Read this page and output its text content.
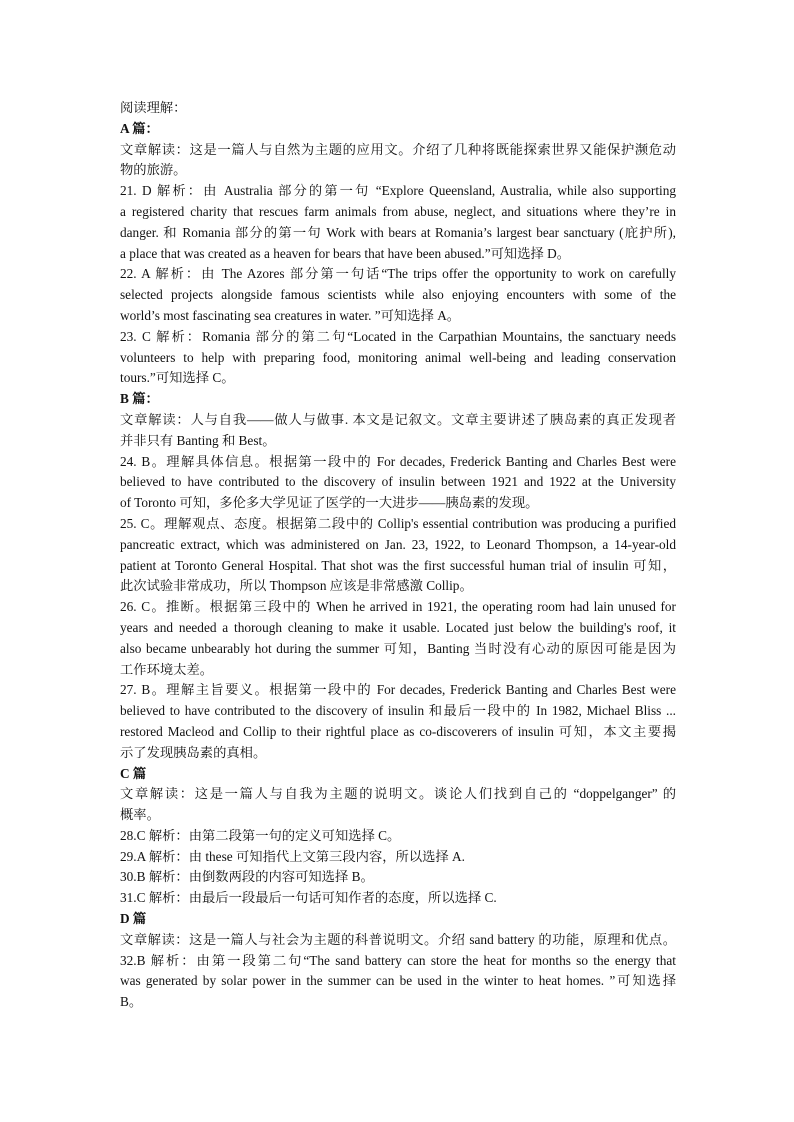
阅读理解：
A 篇：
文章解读：这是一篇人与自然为主题的应用文。介绍了几种将既能探索世界又能保护濒危动
物的旅游。
21. D 解析：由 Australia 部分的第一句 “Explore Queensland, Australia, while also supporting
a registered charity that rescues farm animals from abuse, neglect, and situations where they’re in
danger. 和 Romania 部分的第一句 Work with bears at Romania’s largest bear sanctuary (庇护所),
a place that was created as a heaven for bears that have been abused.”可知选择 D。
22. A 解析：由 The Azores 部分第一句话“The trips offer the opportunity to work on carefully
selected projects alongside famous scientists while also enjoying encounters with some of the
world’s most fascinating sea creatures in water. ”可知选择 A。
23. C 解析：Romania 部分的第二句“Located in the Carpathian Mountains, the sanctuary needs
volunteers to help with preparing food, monitoring animal well-being and leading conservation
tours.”可知选择 C。
B 篇：
文章解读：人与自我——做人与做事. 本文是记叙文。文章主要讲述了胰岛素的真正发现者
并非只有 Banting 和 Best。
24. B。理解具体信息。根据第一段中的 For decades, Frederick Banting and Charles Best were
believed to have contributed to the discovery of insulin between 1921 and 1922 at the University
of Toronto 可知，多伦多大学见证了医学的一大进步——胰岛素的发现。
25. C。理解观点、态度。根据第二段中的 Collip's essential contribution was producing a purified
pancreatic extract, which was administered on Jan. 23, 1922, to Leonard Thompson, a 14-year-old
patient at Toronto General Hospital. That shot was the first successful human trial of insulin 可知，
此次试验非常成功，所以 Thompson 应该是非常感激 Collip。
26. C。推断。根据第三段中的 When he arrived in 1921, the operating room had lain unused for
years and needed a thorough cleaning to make it usable. Located just below the building's roof, it
also became unbearably hot during the summer 可知，Banting 当时没有心动的原因可能是因为
工作环境太差。
27. B。理解主旨要义。根据第一段中的 For decades, Frederick Banting and Charles Best were
believed to have contributed to the discovery of insulin 和最后一段中的 In 1982, Michael Bliss ...
restored Macleod and Collip to their rightful place as co-discoverers of insulin 可知，本文主要揭
示了发现胰岛素的真相。
C 篇
文章解读：这是一篇人与自我为主题的说明文。谈论人们找到自己的 “doppelganger” 的
概率。
28.C 解析：由第二段第一句的定义可知选择 C。
29.A 解析：由 these 可知指代上文第三段内容，所以选择 A.
30.B 解析：由倒数两段的内容可知选择 B。
31.C 解析：由最后一段最后一句话可知作者的态度，所以选择 C.
D 篇
文章解读：这是一篇人与社会为主题的科普说明文。介绍 sand battery 的功能，原理和优点。
32.B 解析：由第一段第二句“The sand battery can store the heat for months so the energy that
was generated by solar power in the summer can be used in the winter to heat homes. ”可知选择
B。
